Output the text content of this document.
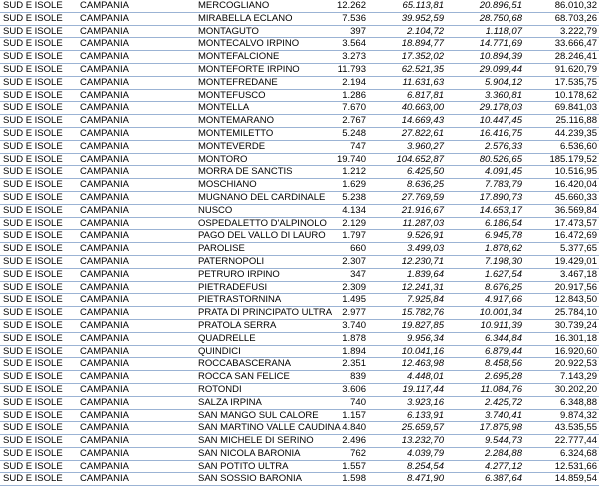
SUD E ISOLE	CAMPANIA	MERCOGLIANO	12.262	65.113,81	20.896,51	86.010,32
SUD E ISOLE	CAMPANIA	MIRABELLA ECLANO	7.536	39.952,59	28.750,68	68.703,26
SUD E ISOLE	CAMPANIA	MONTAGUTO	397	2.104,72	1.118,07	3.222,79
SUD E ISOLE	CAMPANIA	MONTECALVO IRPINO	3.564	18.894,77	14.771,69	33.666,47
SUD E ISOLE	CAMPANIA	MONTEFALCIONE	3.273	17.352,02	10.894,39	28.246,41
SUD E ISOLE	CAMPANIA	MONTEFORTE IRPINO	11.793	62.521,35	29.099,44	91.620,79
SUD E ISOLE	CAMPANIA	MONTEFREDANE	2.194	11.631,63	5.904,12	17.535,75
SUD E ISOLE	CAMPANIA	MONTEFUSCO	1.286	6.817,81	3.360,81	10.178,62
SUD E ISOLE	CAMPANIA	MONTELLA	7.670	40.663,00	29.178,03	69.841,03
SUD E ISOLE	CAMPANIA	MONTEMARANO	2.767	14.669,43	10.447,45	25.116,88
SUD E ISOLE	CAMPANIA	MONTEMILETTO	5.248	27.822,61	16.416,75	44.239,35
SUD E ISOLE	CAMPANIA	MONTEVERDE	747	3.960,27	2.576,33	6.536,60
SUD E ISOLE	CAMPANIA	MONTORO	19.740	104.652,87	80.526,65	185.179,52
SUD E ISOLE	CAMPANIA	MORRA DE SANCTIS	1.212	6.425,50	4.091,45	10.516,95
SUD E ISOLE	CAMPANIA	MOSCHIANO	1.629	8.636,25	7.783,79	16.420,04
SUD E ISOLE	CAMPANIA	MUGNANO DEL CARDINALE	5.238	27.769,59	17.890,73	45.660,33
SUD E ISOLE	CAMPANIA	NUSCO	4.134	21.916,67	14.653,17	36.569,84
SUD E ISOLE	CAMPANIA	OSPEDALETTO D'ALPINOLO	2.129	11.287,03	6.186,54	17.473,57
SUD E ISOLE	CAMPANIA	PAGO DEL VALLO DI LAURO	1.797	9.526,91	6.945,78	16.472,69
SUD E ISOLE	CAMPANIA	PAROLISE	660	3.499,03	1.878,62	5.377,65
SUD E ISOLE	CAMPANIA	PATERNOPOLI	2.307	12.230,71	7.198,30	19.429,01
SUD E ISOLE	CAMPANIA	PETRURO IRPINO	347	1.839,64	1.627,54	3.467,18
SUD E ISOLE	CAMPANIA	PIETRADEFUSI	2.309	12.241,31	8.676,25	20.917,56
SUD E ISOLE	CAMPANIA	PIETRASTORNINA	1.495	7.925,84	4.917,66	12.843,50
SUD E ISOLE	CAMPANIA	PRATA DI PRINCIPATO ULTRA	2.977	15.782,76	10.001,34	25.784,10
SUD E ISOLE	CAMPANIA	PRATOLA SERRA	3.740	19.827,85	10.911,39	30.739,24
SUD E ISOLE	CAMPANIA	QUADRELLE	1.878	9.956,34	6.344,84	16.301,18
SUD E ISOLE	CAMPANIA	QUINDICI	1.894	10.041,16	6.879,44	16.920,60
SUD E ISOLE	CAMPANIA	ROCCABASCERANA	2.351	12.463,98	8.458,56	20.922,53
SUD E ISOLE	CAMPANIA	ROCCA SAN FELICE	839	4.448,01	2.695,28	7.143,29
SUD E ISOLE	CAMPANIA	ROTONDI	3.606	19.117,44	11.084,76	30.202,20
SUD E ISOLE	CAMPANIA	SALZA IRPINA	740	3.923,16	2.425,72	6.348,88
SUD E ISOLE	CAMPANIA	SAN MANGO SUL CALORE	1.157	6.133,91	3.740,41	9.874,32
SUD E ISOLE	CAMPANIA	SAN MARTINO VALLE CAUDINA	4.840	25.659,57	17.875,98	43.535,55
SUD E ISOLE	CAMPANIA	SAN MICHELE DI SERINO	2.496	13.232,70	9.544,73	22.777,44
SUD E ISOLE	CAMPANIA	SAN NICOLA BARONIA	762	4.039,79	2.284,88	6.324,68
SUD E ISOLE	CAMPANIA	SAN POTITO ULTRA	1.557	8.254,54	4.277,12	12.531,66
SUD E ISOLE	CAMPANIA	SAN SOSSIO BARONIA	1.598	8.471,90	6.387,64	14.859,54
